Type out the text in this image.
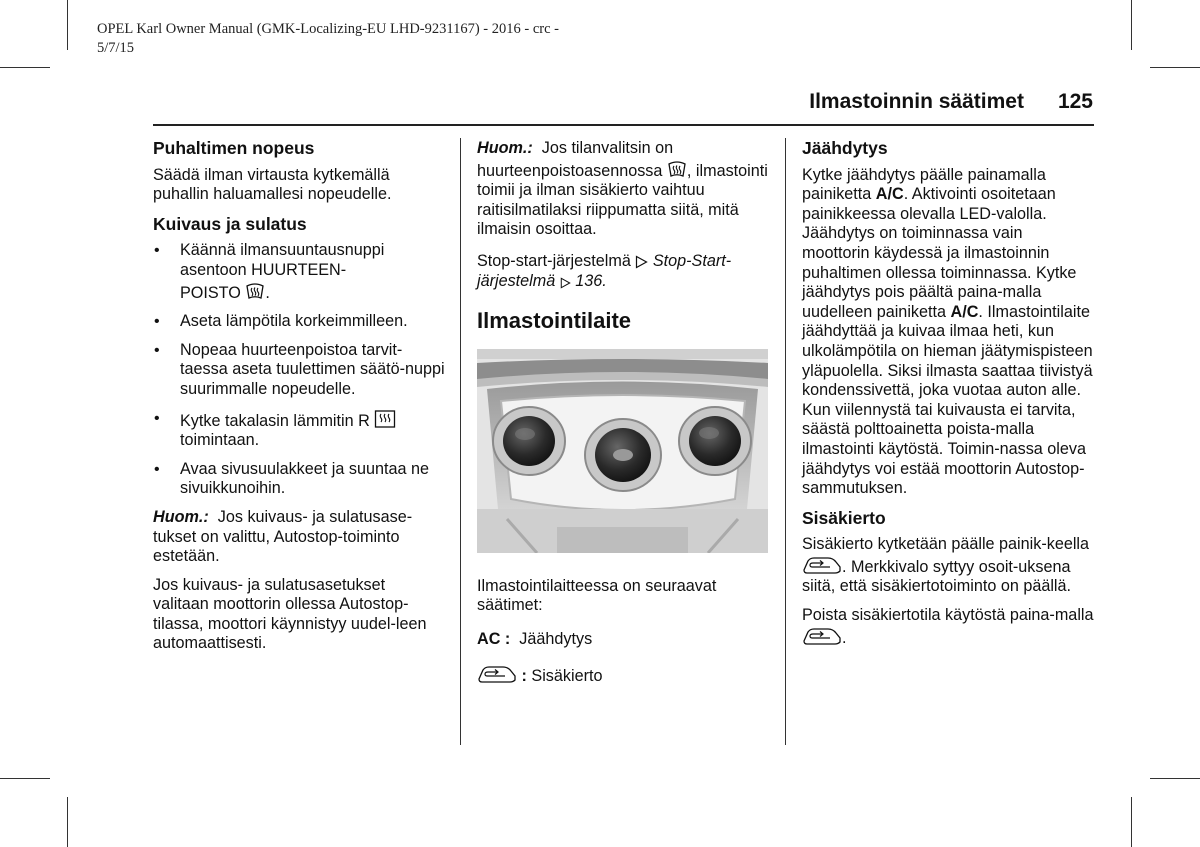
OPEL Karl Owner Manual (GMK-Localizing-EU LHD-9231167) - 2016 - crc -
5/7/15
Ilmastoinnin säätimet 125
Puhaltimen nopeus

Säädä ilman virtausta kytkemällä puhallin haluamallesi nopeudelle.

Kuivaus ja sulatus
• Käännä ilmansuuntausnuppi asentoon HUURTEEN-
POISTO .
• Aseta lämpötila korkeimmilleen.
• Nopeaa huurteenpoistoa tarvit-taessa aseta tuulettimen säätö-nuppi suurimmalle nopeudelle.
• Kytke takalasin lämmitin R
toimintaan.
• Avaa sivusuulakkeet ja suuntaa ne sivuikkunoihin.

Huom.: Jos kuivaus- ja sulatusase-tukset on valittu, Autostop-toiminto estetään.

Jos kuivaus- ja sulatusasetukset valitaan moottorin ollessa Autostop-tilassa, moottori käynnistyy uudel-leen automaattisesti.

Huom.: Jos tilanvalitsin on huurteenpoistoasennossa , ilmastointi toimii ja ilman sisäkierto vaihtuu raitisilmatilaksi riippumatta siitä, mitä ilmaisin osoittaa.

Stop-start-järjestelmä Stop-Start-järjestelmä 136.

Ilmastointilaite

Ilmastointilaitteessa on seuraavat säätimet:

AC : Jäähdytys

: Sisäkierto

Jäähdytys

Kytke jäähdytys päälle painamalla painiketta A/C. Aktivointi osoitetaan painikkeessa olevalla LED-valolla. Jäähdytys on toiminnassa vain moottorin käydessä ja ilmastoinnin puhaltimen ollessa toiminnassa. Kytke jäähdytys pois päältä paina-malla uudelleen painiketta A/C. Ilmastointilaite jäähdyttää ja kuivaa ilmaa heti, kun ulkolämpötila on hieman jäätymispisteen yläpuolella. Siksi ilmasta saattaa tiivistyä kondenssivettä, joka vuotaa auton alle. Kun viilennystä tai kuivausta ei tarvita, säästä polttoainetta poista-malla ilmastointi käytöstä. Toimin-nassa oleva jäähdytys voi estää moottorin Autostop-sammutuksen.

Sisäkierto

Sisäkierto kytketään päälle painik-keella . Merkkivalo syttyy osoit-uksena siitä, että sisäkiertotoiminto on päällä.

Poista sisäkiertotila käytöstä paina-malla .
